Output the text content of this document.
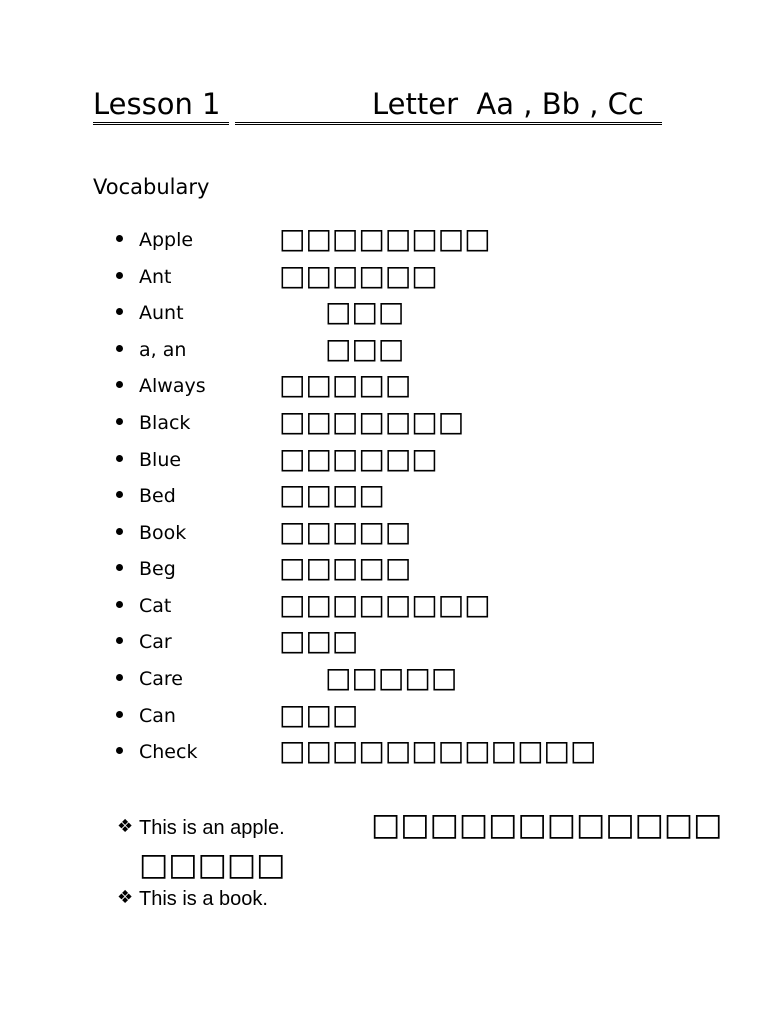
Lesson 1	Letter  Aa , Bb , Cc
Vocabulary
Apple	□□□□□□□□
Ant	□□□□□□
Aunt	□□□
a, an	□□□
Always	□□□□□
Black	□□□□□□□
Blue	□□□□□□
Bed	□□□□
Book	□□□□□
Beg	□□□□□
Cat	□□□□□□□□
Car	□□□
Care	□□□□□
Can	□□□
Check	□□□□□□□□□□□□
❖ This is an apple.	□□□□□□□□□□□□
□□□□□
❖ This is a book.
